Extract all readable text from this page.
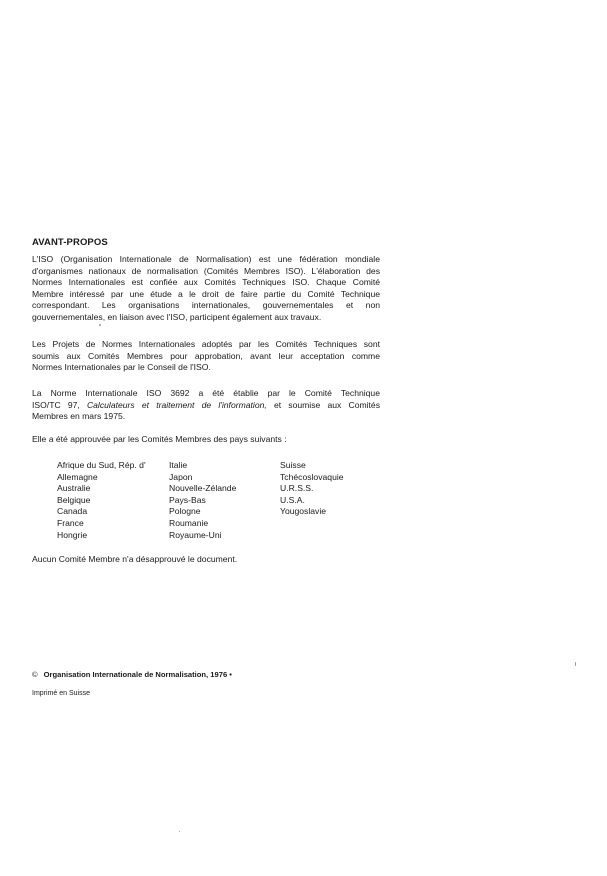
AVANT-PROPOS
L'ISO (Organisation Internationale de Normalisation) est une fédération mondiale
d'organismes nationaux de normalisation (Comités Membres ISO). L'élaboration des
Normes Internationales est confiée aux Comités Techniques ISO. Chaque Comité
Membre intéressé par une étude a le droit de faire partie du Comité Technique
correspondant. Les organisations internationales, gouvernementales et non
gouvernementales, en liaison avec l'ISO, participent également aux travaux.
Les Projets de Normes Internationales adoptés par les Comités Techniques sont
soumis aux Comités Membres pour approbation, avant leur acceptation comme
Normes Internationales par le Conseil de l'ISO.
La Norme Internationale ISO 3692 a été établie par le Comité Technique
ISO/TC 97, Calculateurs et traitement de l'information, et soumise aux Comités
Membres en mars 1975.
Elle a été approuvée par les Comités Membres des pays suivants :
Afrique du Sud, Rép. d'
Allemagne
Australie
Belgique
Canada
France
Hongrie
Italie
Japon
Nouvelle-Zélande
Pays-Bas
Pologne
Roumanie
Royaume-Uni
Suisse
Tchécoslovaquie
U.R.S.S.
U.S.A.
Yougoslavie
Aucun Comité Membre n'a désapprouvé le document.
© Organisation Internationale de Normalisation, 1976 •
Imprimé en Suisse
